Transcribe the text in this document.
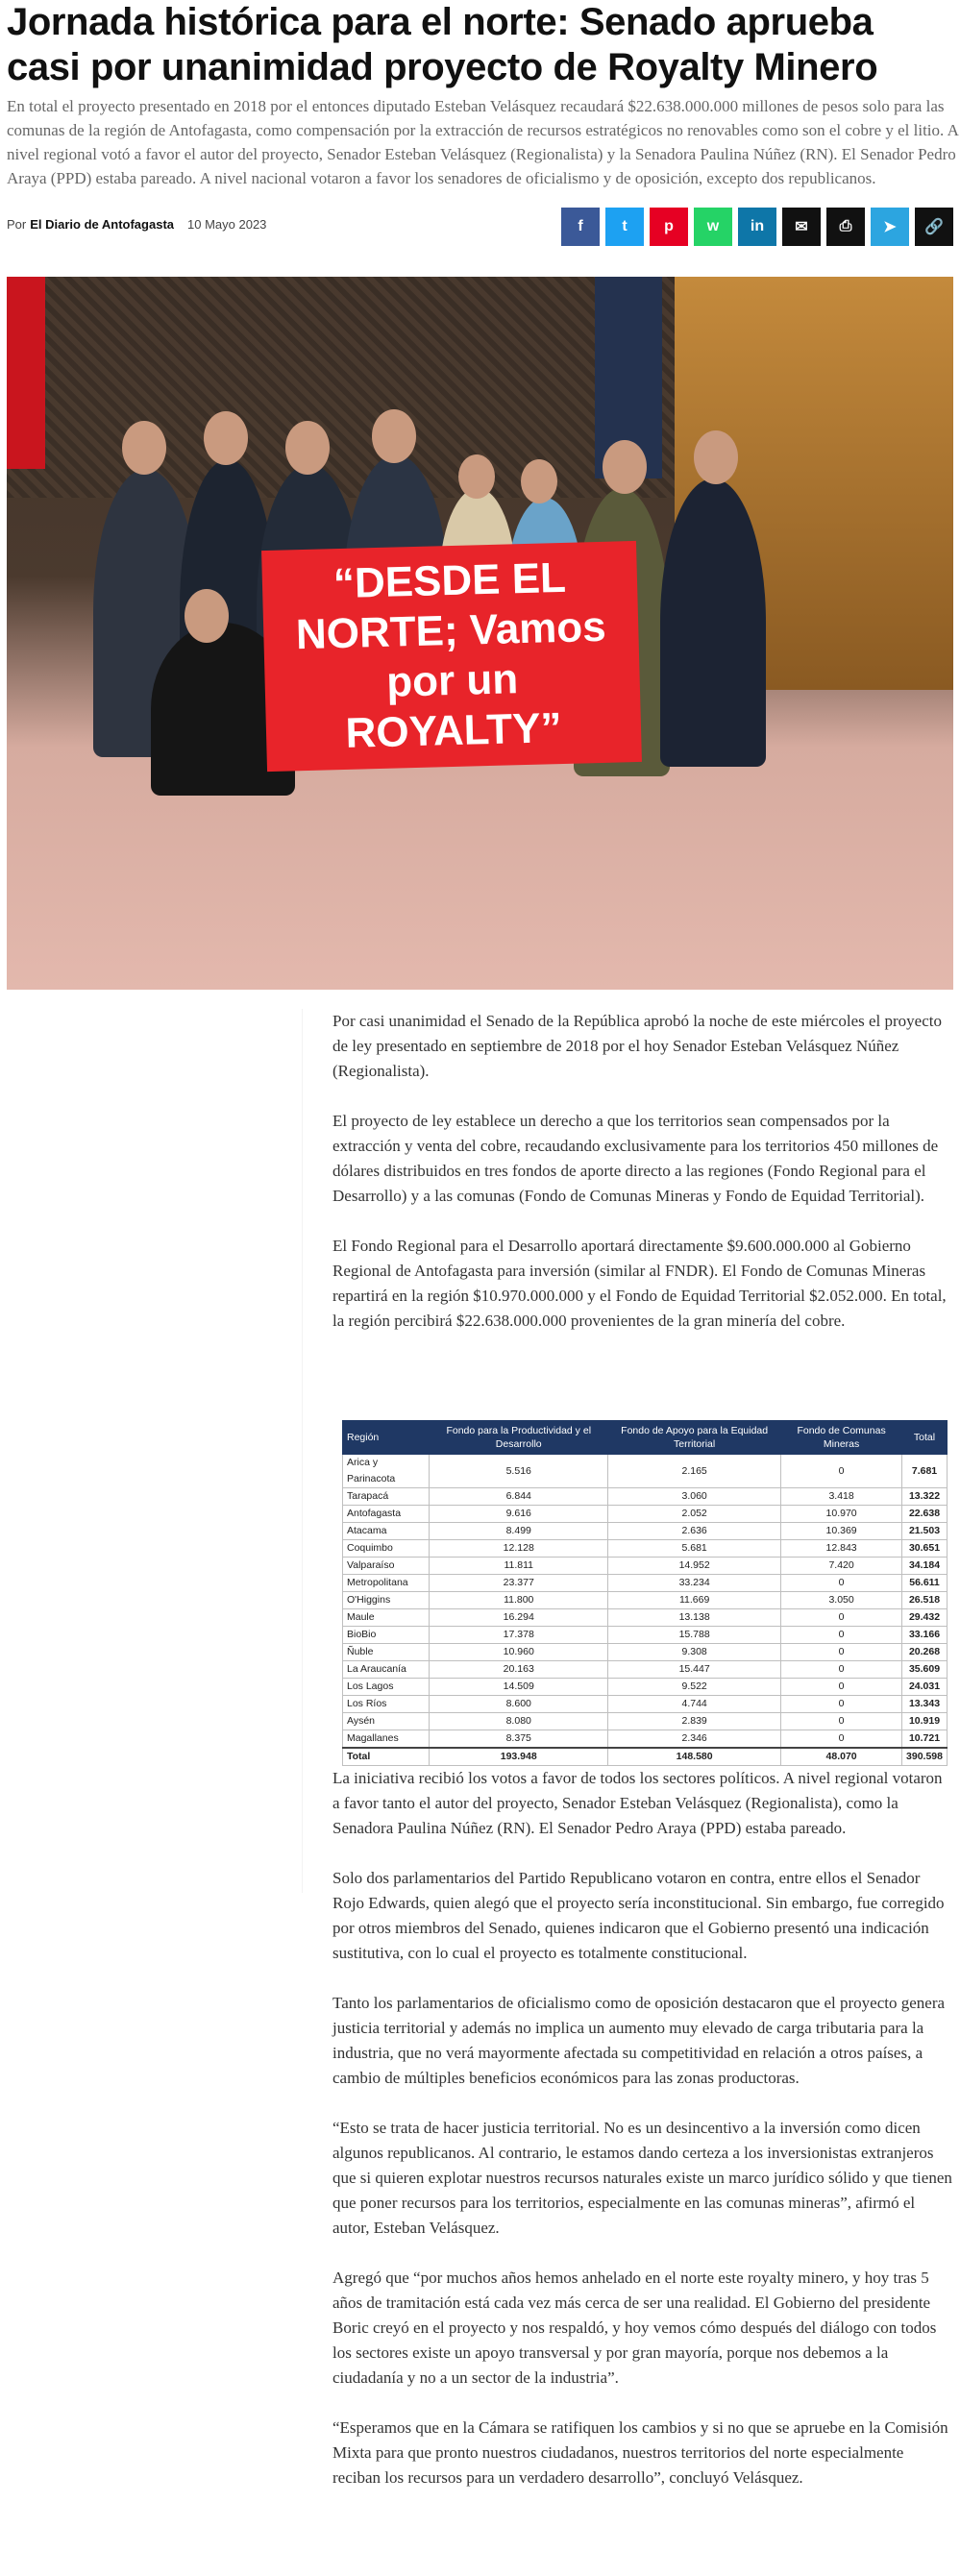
Jornada histórica para el norte: Senado aprueba casi por unanimidad proyecto de Royalty Minero

En total el proyecto presentado en 2018 por el entonces diputado Esteban Velásquez recaudará $22.638.000.000 millones de pesos solo para las comunas de la región de Antofagasta, como compensación por la extracción de recursos estratégicos no renovables como son el cobre y el litio. A nivel regional votó a favor el autor del proyecto, Senador Esteban Velásquez (Regionalista) y la Senadora Paulina Núñez (RN). El Senador Pedro Araya (PPD) estaba pareado. A nivel nacional votaron a favor los senadores de oficialismo y de oposición, excepto dos republicanos.

Por El Diario de Antofagasta 10 Mayo 2023	f	t p w in ✉ ⎙ ➤ 🔗
“DESDE EL NORTE; Vamos por un ROYALTY”

Por casi unanimidad el Senado de la República aprobó la noche de este miércoles el proyecto de ley presentado en septiembre de 2018 por el hoy Senador Esteban Velásquez Núñez (Regionalista).

El proyecto de ley establece un derecho a que los territorios sean compensados por la extracción y venta del cobre, recaudando exclusivamente para los territorios 450 millones de dólares distribuidos en tres fondos de aporte directo a las regiones (Fondo Regional para el Desarrollo) y a las comunas (Fondo de Comunas Mineras y Fondo de Equidad Territorial).

El Fondo Regional para el Desarrollo aportará directamente $9.600.000.000 al Gobierno Regional de Antofagasta para inversión (similar al FNDR). El Fondo de Comunas Mineras repartirá en la región $10.970.000.000 y el Fondo de Equidad Territorial $2.052.000. En total, la región percibirá $22.638.000.000 provenientes de la gran minería del cobre.

Región	Fondo para la Productividad y el Desarrollo	Fondo de Apoyo para la Equidad Territorial	Fondo de Comunas Mineras	Total
Arica y Parinacota	5.516	2.165	0	7.681
Tarapacá	6.844	3.060	3.418	13.322
Antofagasta	9.616	2.052	10.970	22.638
Atacama	8.499	2.636	10.369	21.503
Coquimbo	12.128	5.681	12.843	30.651
Valparaíso	11.811	14.952	7.420	34.184
Metropolitana	23.377	33.234	0	56.611
O'Higgins	11.800	11.669	3.050	26.518
Maule	16.294	13.138	0	29.432
BioBio	17.378	15.788	0	33.166
Ñuble	10.960	9.308	0	20.268
La Araucanía	20.163	15.447	0	35.609
Los Lagos	14.509	9.522	0	24.031
Los Ríos	8.600	4.744	0	13.343
Aysén	8.080	2.839	0	10.919
Magallanes	8.375	2.346	0	10.721
Total	193.948	148.580	48.070	390.598

La iniciativa recibió los votos a favor de todos los sectores políticos. A nivel regional votaron a favor tanto el autor del proyecto, Senador Esteban Velásquez (Regionalista), como la Senadora Paulina Núñez (RN). El Senador Pedro Araya (PPD) estaba pareado.

Solo dos parlamentarios del Partido Republicano votaron en contra, entre ellos el Senador Rojo Edwards, quien alegó que el proyecto sería inconstitucional. Sin embargo, fue corregido por otros miembros del Senado, quienes indicaron que el Gobierno presentó una indicación sustitutiva, con lo cual el proyecto es totalmente constitucional.

Tanto los parlamentarios de oficialismo como de oposición destacaron que el proyecto genera justicia territorial y además no implica un aumento muy elevado de carga tributaria para la industria, que no verá mayormente afectada su competitividad en relación a otros países, a cambio de múltiples beneficios económicos para las zonas productoras.

“Esto se trata de hacer justicia territorial. No es un desincentivo a la inversión como dicen algunos republicanos. Al contrario, le estamos dando certeza a los inversionistas extranjeros que si quieren explotar nuestros recursos naturales existe un marco jurídico sólido y que tienen que poner recursos para los territorios, especialmente en las comunas mineras”, afirmó el autor, Esteban Velásquez.

Agregó que “por muchos años hemos anhelado en el norte este royalty minero, y hoy tras 5 años de tramitación está cada vez más cerca de ser una realidad. El Gobierno del presidente Boric creyó en el proyecto y nos respaldó, y hoy vemos cómo después del diálogo con todos los sectores existe un apoyo transversal y por gran mayoría, porque nos debemos a la ciudadanía y no a un sector de la industria”.

“Esperamos que en la Cámara se ratifiquen los cambios y si no que se apruebe en la Comisión Mixta para que pronto nuestros ciudadanos, nuestros territorios del norte especialmente reciban los recursos para un verdadero desarrollo”, concluyó Velásquez.
